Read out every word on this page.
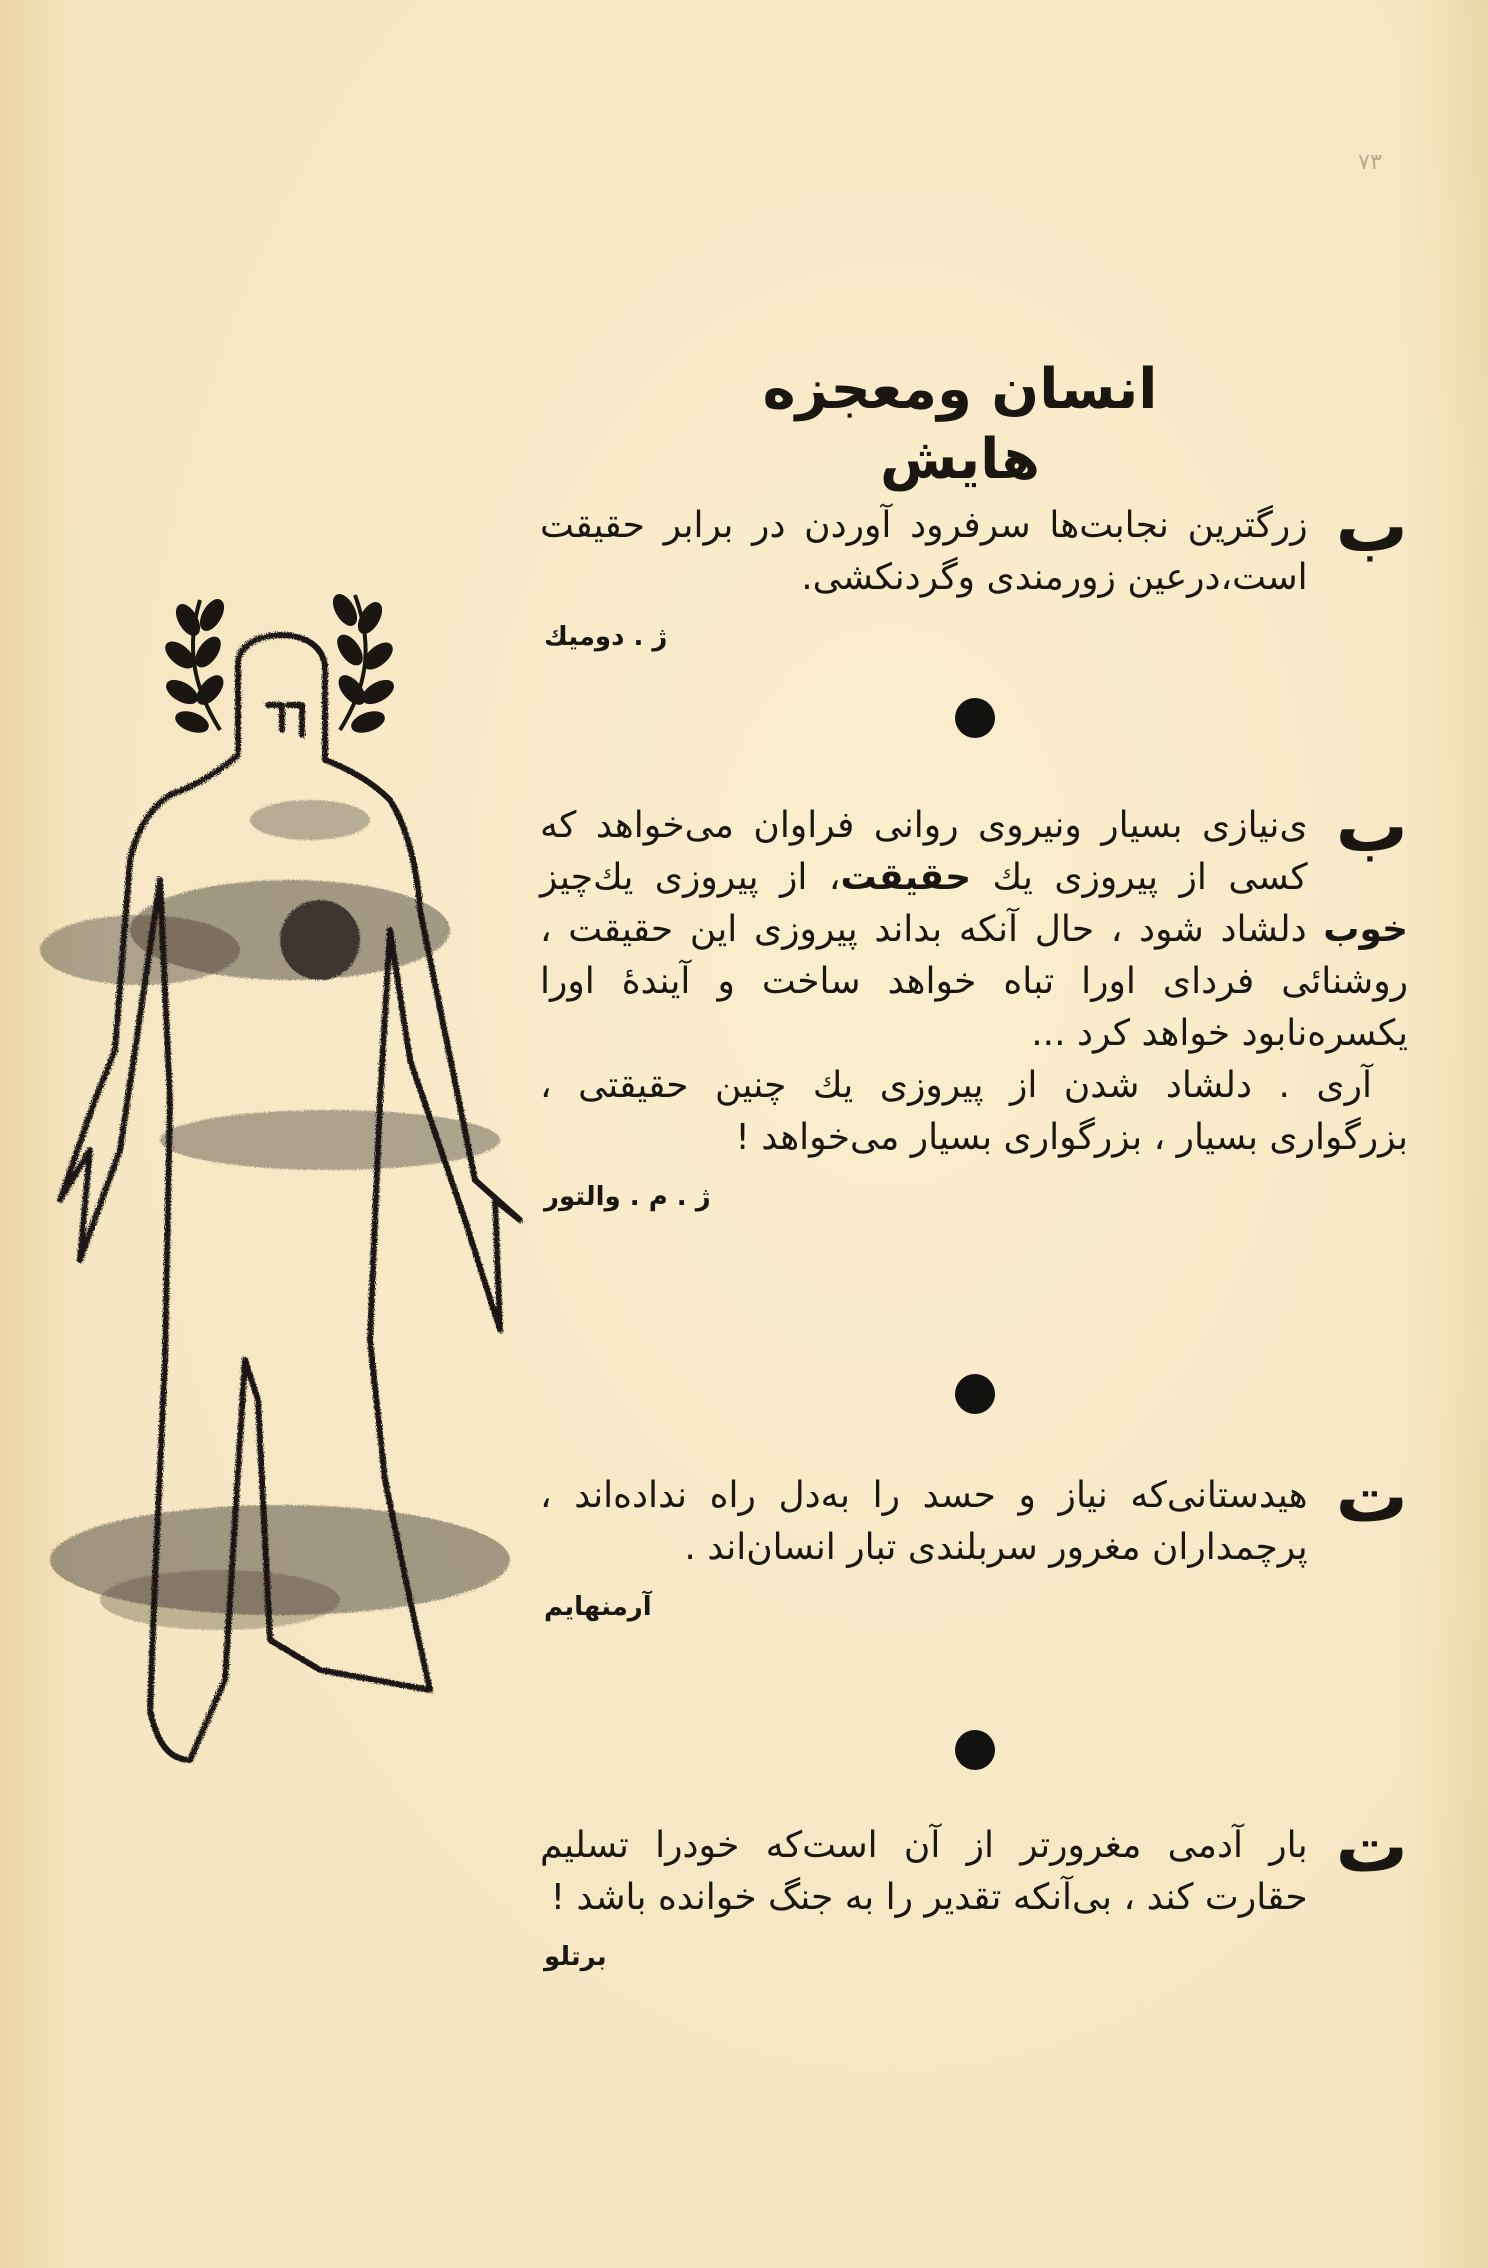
۷۳
انسان ومعجزه هایش

ب
زرگترین نجابت‌ها سرفرود آوردن در برابر حقیقت است،درعین زورمندی وگردنکشی.

ژ . دومیك

ب
ی‌نیازی بسیار ونیروی روانی فراوان می‌خواهد که کسی از پیروزی یك حقیقت، از پیروزی یك‌چیز خوب دلشاد شود ، حال آنکه بداند پیروزی این حقیقت ، روشنائی فردای اورا تباه خواهد ساخت و آیندهٔ اورا یکسره‌نابود خواهد کرد ...

آری . دلشاد شدن از پیروزی یك چنین حقیقتی ، بزرگواری بسیار ، بزرگواری بسیار می‌خواهد !

ژ . م . والتور

ت
هیدستانی‌که نیاز و حسد را به‌دل راه نداده‌اند ، پرچمداران مغرور سربلندی تبار انسان‌اند .

آرمنهایم

ت
بار آدمی مغرورتر از آن است‌که خودرا تسلیم حقارت کند ، بی‌آنکه تقدیر را به جنگ خوانده باشد !

برتلو
